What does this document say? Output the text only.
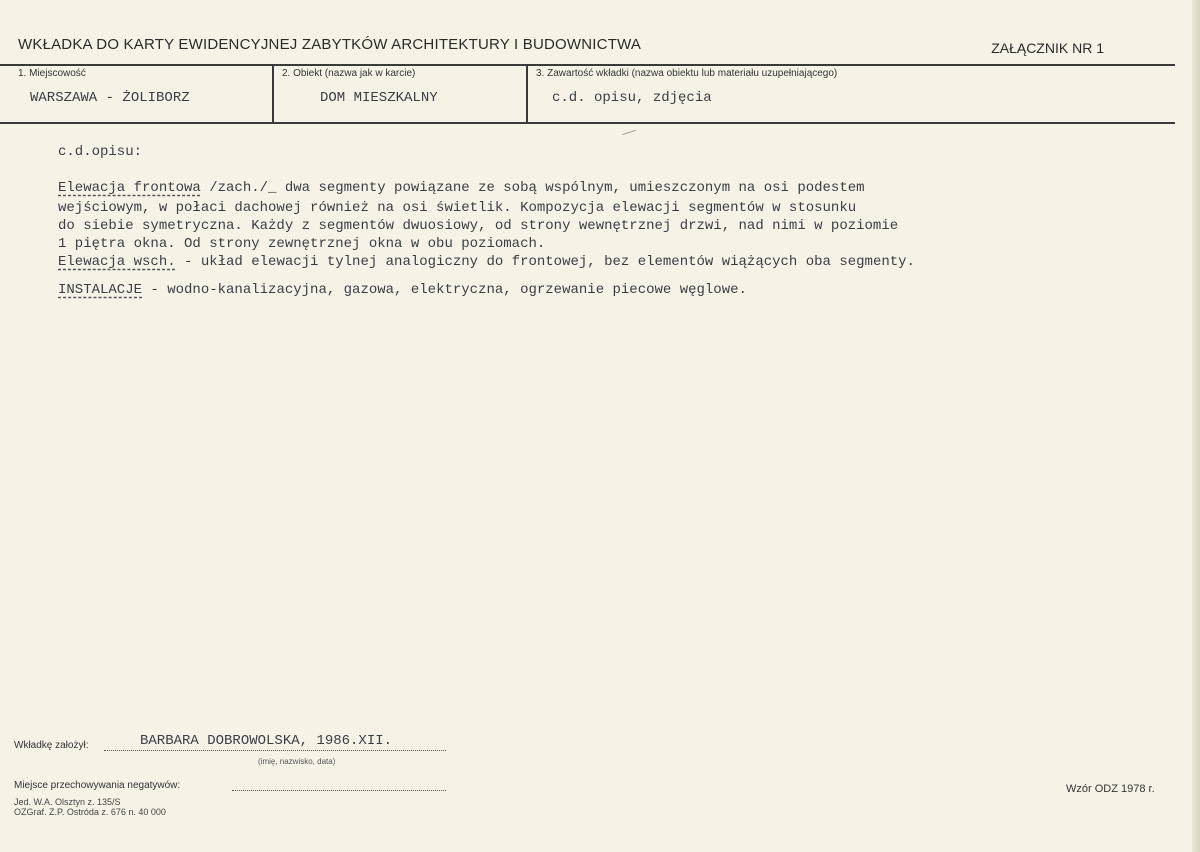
WKŁADKA DO KARTY EWIDENCYJNEJ ZABYTKÓW ARCHITEKTURY I BUDOWNICTWA	ZAŁĄCZNIK NR 1
1. Miejscowość
WARSZAWA - ŻOLIBORZ
2. Obiekt (nazwa jak w karcie)
DOM MIESZKALNY
3. Zawartość wkładki (nazwa obiektu lub materiału uzupełniającego)
c.d. opisu, zdjęcia
c.d.opisu:
Elewacja frontowa /zach./_ dwa segmenty powiązane ze sobą wspólnym, umieszczonym na osi podestem
wejściowym, w połaci dachowej również na osi świetlik. Kompozycja elewacji segmentów w stosunku
do siebie symetryczna. Każdy z segmentów dwuosiowy, od strony wewnętrznej drzwi, nad nimi w poziomie
1 piętra okna. Od strony zewnętrznej okna w obu poziomach.
Elewacja wsch. - układ elewacji tylnej analogiczny do frontowej, bez elementów wiążących oba segmenty.
INSTALACJE - wodno-kanalizacyjna, gazowa, elektryczna, ogrzewanie piecowe węglowe.
Wkładkę założył:	BARBARA DOBROWOLSKA, 1986.XII.
(imię, nazwisko, data)
Miejsce przechowywania negatywów:
Jed. W.A. Olsztyn z. 135/S
OZGraf. Z.P. Ostróda z. 676 n. 40 000
Wzór ODZ 1978 r.
